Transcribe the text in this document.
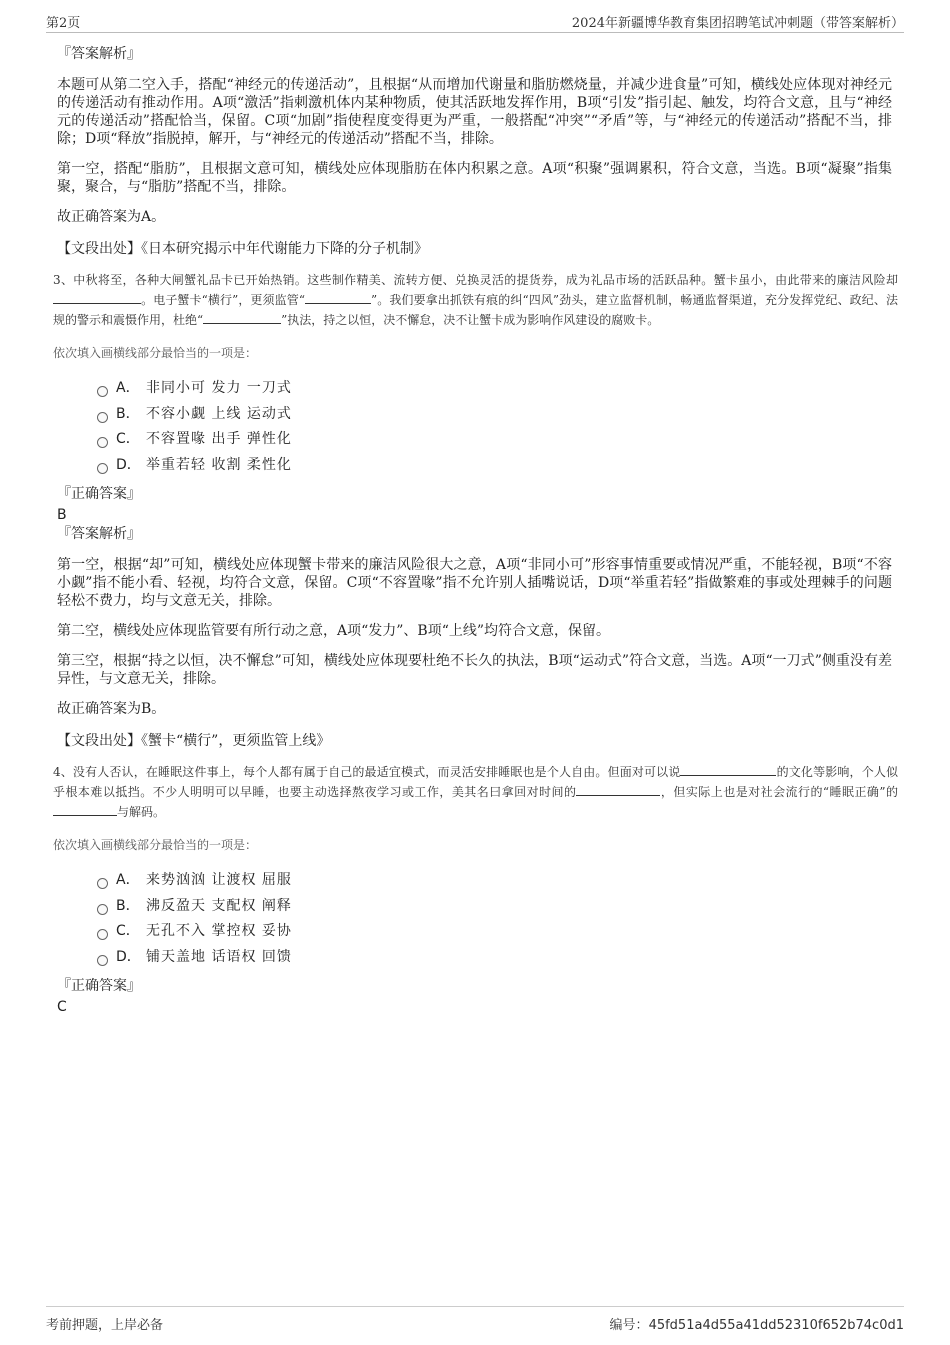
第2页	2024年新疆博华教育集团招聘笔试冲刺题（带答案解析）
『答案解析』

本题可从第二空入手，搭配“神经元的传递活动”，且根据“从而增加代谢量和脂肪燃烧量，并减少进食量”可知，横线处应体现对神经元的传递活动有推动作用。A项“激活”指刺激机体内某种物质，使其活跃地发挥作用，B项“引发”指引起、触发，均符合文意，且与“神经元的传递活动”搭配恰当，保留。C项“加剧”指使程度变得更为严重，一般搭配“冲突”“矛盾”等，与“神经元的传递活动”搭配不当，排除；D项“释放”指脱掉，解开，与“神经元的传递活动”搭配不当，排除。

第一空，搭配“脂肪”，且根据文意可知，横线处应体现脂肪在体内积累之意。A项“积聚”强调累积，符合文意，当选。B项“凝聚”指集聚，聚合，与“脂肪”搭配不当，排除。

故正确答案为A。

【文段出处】《日本研究揭示中年代谢能力下降的分子机制》

3、中秋将至，各种大闸蟹礼品卡已开始热销。这些制作精美、流转方便、兑换灵活的提货券，成为礼品市场的活跃品种。蟹卡虽小，由此带来的廉洁风险却。电子蟹卡“横行”，更须监管“	”。我们要拿出抓铁有痕的纠“四风”劲头，建立监督机制，畅通监督渠道，充分发挥党纪、政纪、法规的警示和震慑作用，杜绝“	”执法，持之以恒，决不懈怠，决不让蟹卡成为影响作风建设的腐败卡。

依次填入画横线部分最恰当的一项是：

A． 非同小可 发力 一刀式
B． 不容小觑 上线 运动式
C． 不容置喙 出手 弹性化
D． 举重若轻 收割 柔性化
『正确答案』
B
『答案解析』

第一空，根据“却”可知，横线处应体现蟹卡带来的廉洁风险很大之意，A项“非同小可”形容事情重要或情况严重，不能轻视，B项“不容小觑”指不能小看、轻视，均符合文意，保留。C项“不容置喙”指不允许别人插嘴说话，D项“举重若轻”指做繁难的事或处理棘手的问题轻松不费力，均与文意无关，排除。

第二空，横线处应体现监管要有所行动之意，A项“发力”、B项“上线”均符合文意，保留。

第三空，根据“持之以恒，决不懈怠”可知，横线处应体现要杜绝不长久的执法，B项“运动式”符合文意，当选。A项“一刀式”侧重没有差异性，与文意无关，排除。

故正确答案为B。

【文段出处】《蟹卡“横行”，更须监管上线》

4、没有人否认，在睡眠这件事上，每个人都有属于自己的最适宜模式，而灵活安排睡眠也是个人自由。但面对可以说	的文化等影响，个人似乎根本难以抵挡。不少人明明可以早睡，也要主动选择熬夜学习或工作，美其名曰拿回对时间的	，但实际上也是对社会流行的“睡眠正确”的与解码。

依次填入画横线部分最恰当的一项是：

A． 来势汹汹 让渡权 屈服
B． 沸反盈天 支配权 阐释
C． 无孔不入 掌控权 妥协
D． 铺天盖地 话语权 回馈
『正确答案』
C
考前押题，上岸必备	编号：45fd51a4d55a41dd52310f652b74c0d1
